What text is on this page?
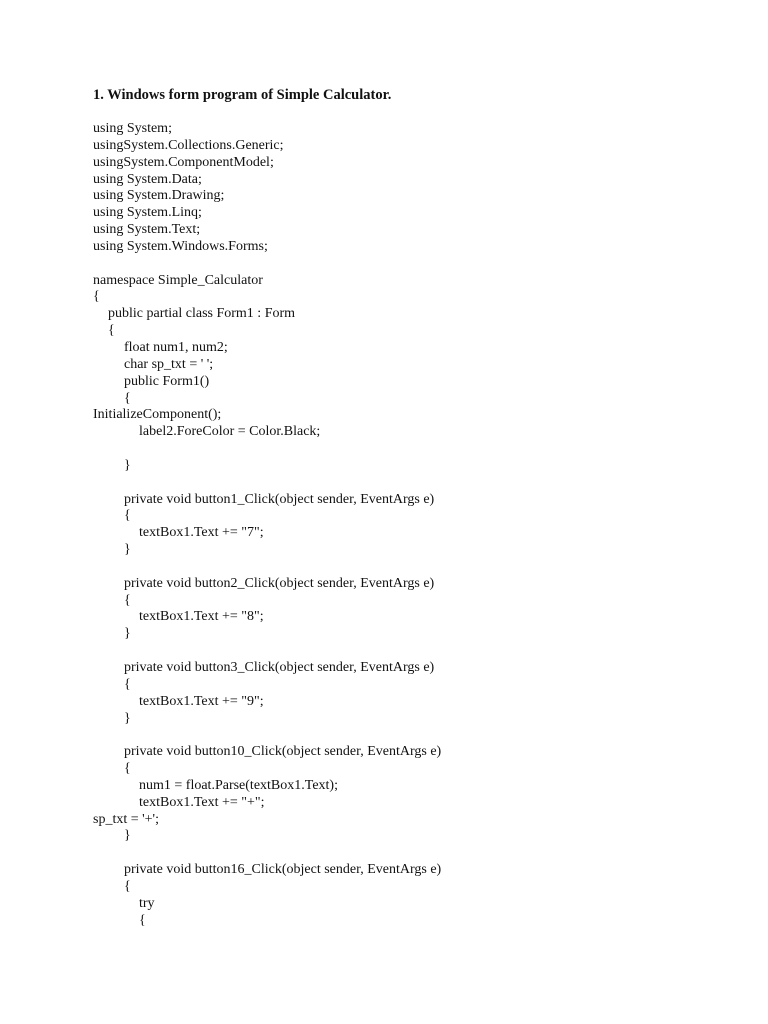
1. Windows form program of Simple Calculator.
using System;
usingSystem.Collections.Generic;
usingSystem.ComponentModel;
using System.Data;
using System.Drawing;
using System.Linq;
using System.Text;
using System.Windows.Forms;
namespace Simple_Calculator
{
public partial class Form1 : Form
{
float num1, num2;
char sp_txt = ' ';
public Form1()
{
InitializeComponent();
label2.ForeColor = Color.Black;
}
private void button1_Click(object sender, EventArgs e)
{
textBox1.Text += "7";
}
private void button2_Click(object sender, EventArgs e)
{
textBox1.Text += "8";
}
private void button3_Click(object sender, EventArgs e)
{
textBox1.Text += "9";
}
private void button10_Click(object sender, EventArgs e)
{
num1 = float.Parse(textBox1.Text);
textBox1.Text += "+";
sp_txt = '+';
}
private void button16_Click(object sender, EventArgs e)
{
try
{
